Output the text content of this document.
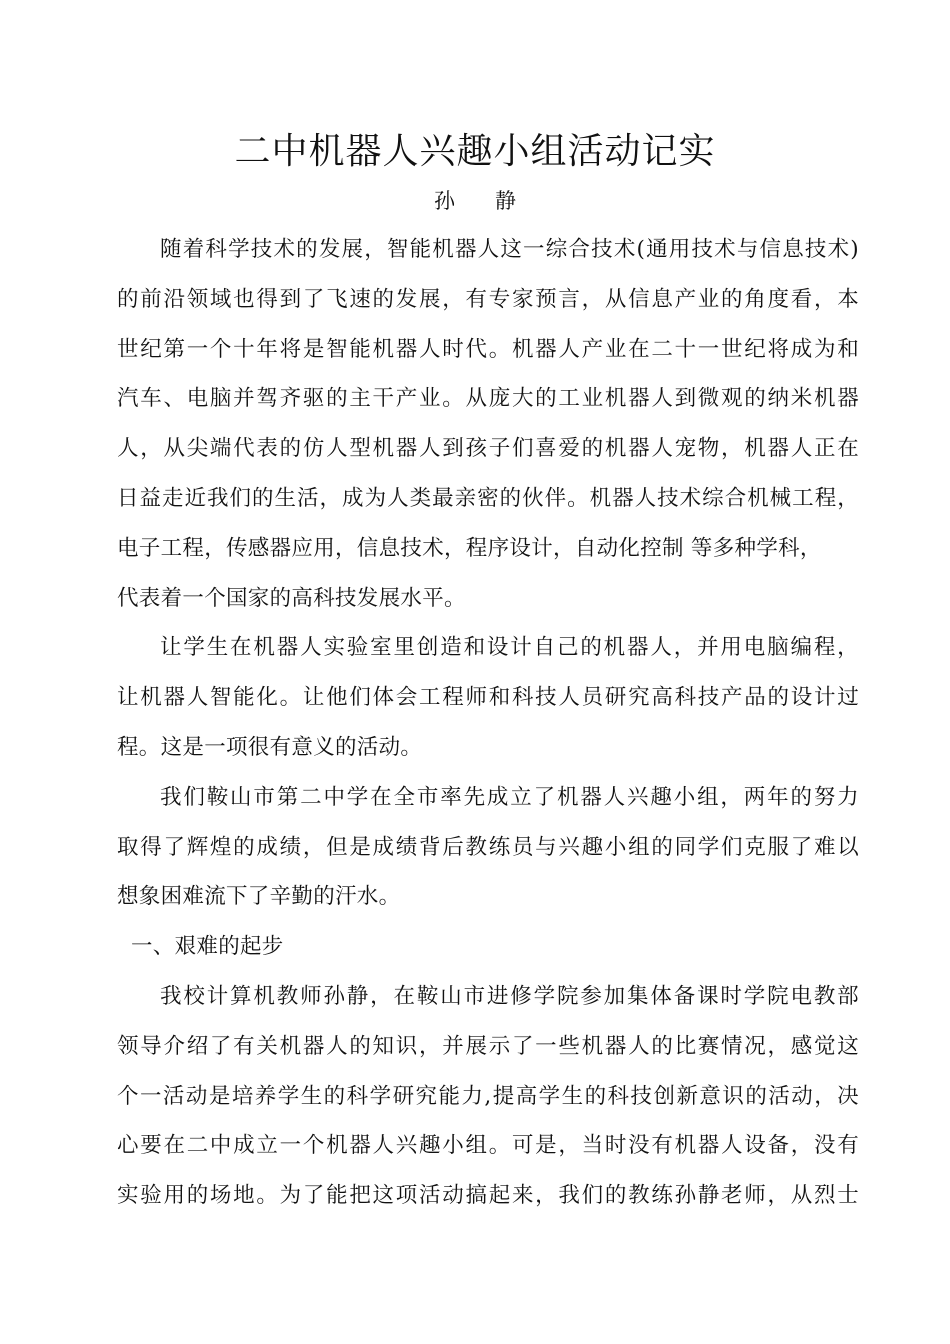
二中机器人兴趣小组活动记实
孙      静
随着科学技术的发展，智能机器人这一综合技术(通用技术与信息技术)
的前沿领域也得到了飞速的发展，有专家预言，从信息产业的角度看，本
世纪第一个十年将是智能机器人时代。机器人产业在二十一世纪将成为和
汽车、电脑并驾齐驱的主干产业。从庞大的工业机器人到微观的纳米机器
人，从尖端代表的仿人型机器人到孩子们喜爱的机器人宠物，机器人正在
日益走近我们的生活，成为人类最亲密的伙伴。机器人技术综合机械工程，
电子工程，传感器应用，信息技术，程序设计，自动化控制 等多种学科，
代表着一个国家的高科技发展水平。
让学生在机器人实验室里创造和设计自己的机器人，并用电脑编程，
让机器人智能化。让他们体会工程师和科技人员研究高科技产品的设计过
程。这是一项很有意义的活动。
我们鞍山市第二中学在全市率先成立了机器人兴趣小组，两年的努力
取得了辉煌的成绩，但是成绩背后教练员与兴趣小组的同学们克服了难以
想象困难流下了辛勤的汗水。
一、艰难的起步
我校计算机教师孙静，在鞍山市进修学院参加集体备课时学院电教部
领导介绍了有关机器人的知识，并展示了一些机器人的比赛情况，感觉这
个一活动是培养学生的科学研究能力,提高学生的科技创新意识的活动，决
心要在二中成立一个机器人兴趣小组。可是，当时没有机器人设备，没有
实验用的场地。为了能把这项活动搞起来，我们的教练孙静老师，从烈士
